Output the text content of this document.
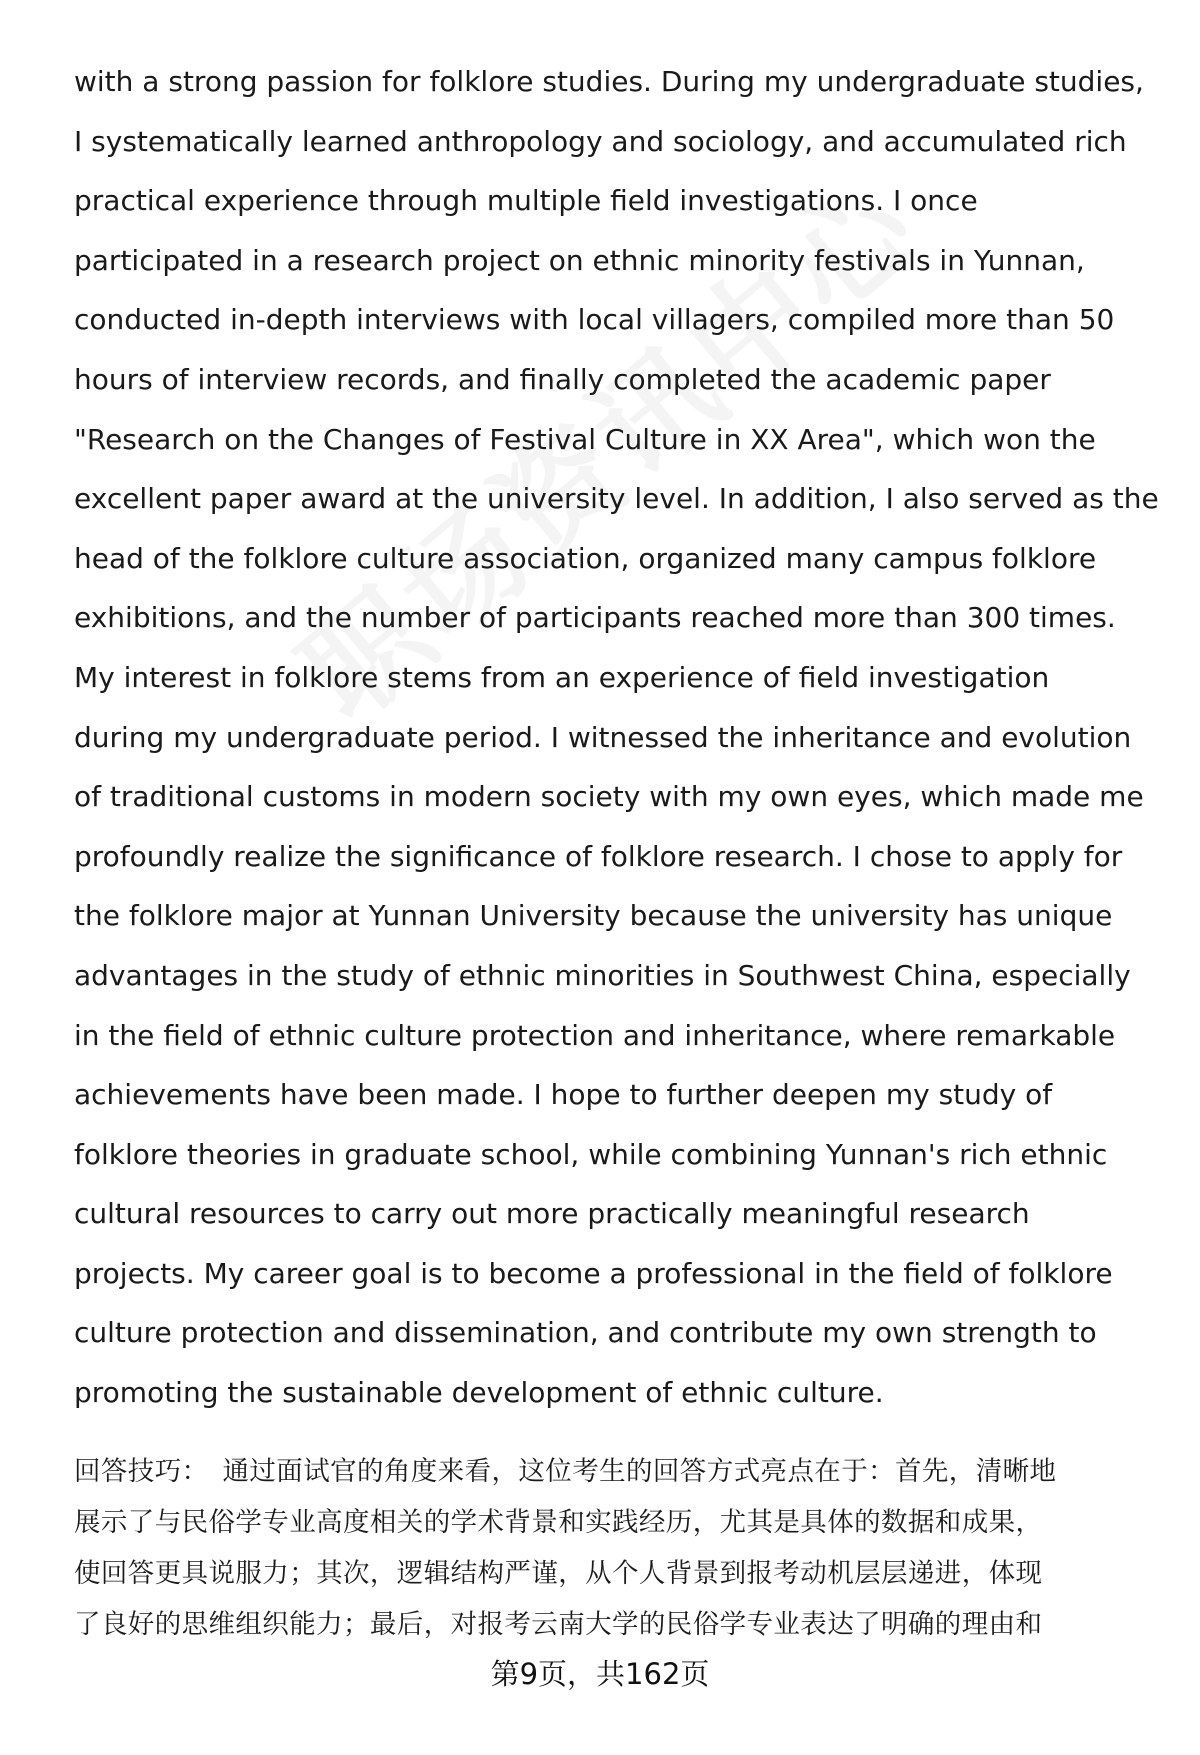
with a strong passion for folklore studies. During my undergraduate studies,
I systematically learned anthropology and sociology, and accumulated rich
practical experience through multiple field investigations. I once
participated in a research project on ethnic minority festivals in Yunnan,
conducted in-depth interviews with local villagers, compiled more than 50
hours of interview records, and finally completed the academic paper
"Research on the Changes of Festival Culture in XX Area", which won the
excellent paper award at the university level. In addition, I also served as the
head of the folklore culture association, organized many campus folklore
exhibitions, and the number of participants reached more than 300 times.
My interest in folklore stems from an experience of field investigation
during my undergraduate period. I witnessed the inheritance and evolution
of traditional customs in modern society with my own eyes, which made me
profoundly realize the significance of folklore research. I chose to apply for
the folklore major at Yunnan University because the university has unique
advantages in the study of ethnic minorities in Southwest China, especially
in the field of ethnic culture protection and inheritance, where remarkable
achievements have been made. I hope to further deepen my study of
folklore theories in graduate school, while combining Yunnan's rich ethnic
cultural resources to carry out more practically meaningful research
projects. My career goal is to become a professional in the field of folklore
culture protection and dissemination, and contribute my own strength to
promoting the sustainable development of ethnic culture.
回答技巧： 通过面试官的角度来看，这位考生的回答方式亮点在于：首先，清晰地
展示了与民俗学专业高度相关的学术背景和实践经历，尤其是具体的数据和成果，
使回答更具说服力；其次，逻辑结构严谨，从个人背景到报考动机层层递进，体现
了良好的思维组织能力；最后，对报考云南大学的民俗学专业表达了明确的理由和
第9页，共162页
